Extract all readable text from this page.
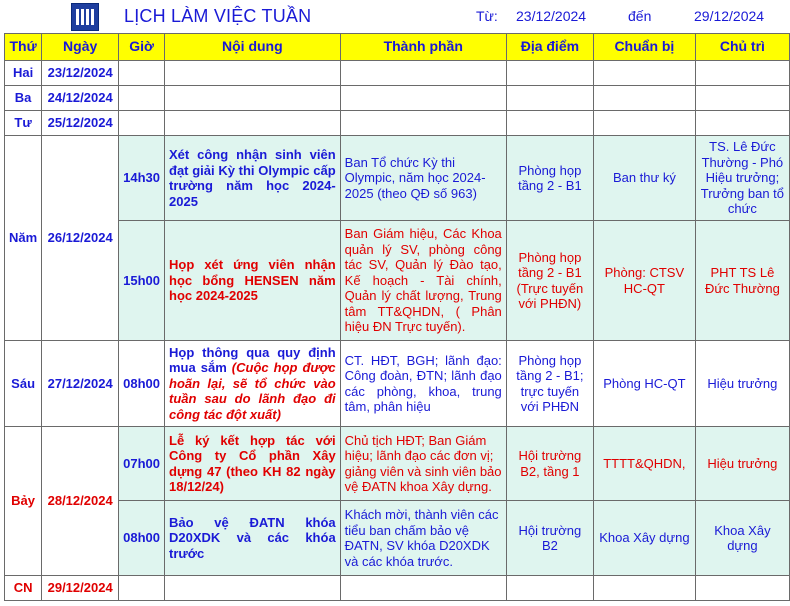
LỊCH LÀM VIỆC TUẦN	Từ: 23/12/2024	đến	29/12/2024
Thứ	Ngày	Giờ	Nội dung	Thành phần	Địa điểm	Chuẩn bị	Chủ trì
Hai	23/12/2024						
Ba	24/12/2024						
Tư	25/12/2024						
Năm	26/12/2024	14h30	Xét công nhận sinh viên đạt giải Kỳ thi Olympic cấp trường năm học 2024-2025	Ban Tổ chức Kỳ thi Olympic, năm học 2024-2025 (theo QĐ số 963)	Phòng họp tầng 2 - B1	Ban thư ký	TS. Lê Đức Thường - Phó Hiệu trưởng; Trưởng ban tổ chức
		15h00	Họp xét ứng viên nhận học bổng HENSEN năm học 2024-2025	Ban Giám hiệu, Các Khoa quản lý SV, phòng công tác SV, Quản lý Đào tạo, Kế hoạch - Tài chính, Quản lý chất lượng, Trung tâm TT&QHDN, ( Phân hiệu ĐN Trực tuyến).	Phòng họp tầng 2 - B1 (Trực tuyến với PHĐN)	Phòng: CTSV HC-QT	PHT TS Lê Đức Thường
Sáu	27/12/2024	08h00	Họp thông qua quy định mua sắm (Cuộc họp được hoãn lại, sẽ tổ chức vào tuần sau do lãnh đạo đi công tác đột xuất)	CT. HĐT, BGH; lãnh đạo: Công đoàn, ĐTN; lãnh đạo các phòng, khoa, trung tâm, phân hiệu	Phòng họp tầng 2 - B1; trực tuyến với PHĐN	Phòng HC-QT	Hiệu trưởng
Bảy	28/12/2024	07h00	Lễ ký kết hợp tác với Công ty Cổ phần Xây dựng 47 (theo KH 82 ngày 18/12/24)	Chủ tịch HĐT; Ban Giám hiệu; lãnh đạo các đơn vị; giảng viên và sinh viên bảo vệ ĐATN khoa Xây dựng.	Hội trường B2, tầng 1	TTTT&QHDN,	Hiệu trưởng
		08h00	Bảo vệ ĐATN khóa D20XDK và các khóa trước	Khách mời, thành viên các tiểu ban chấm bảo vệ ĐATN, SV khóa D20XDK và các khóa trước.	Hội trường B2	Khoa Xây dựng	Khoa Xây dựng
CN	29/12/2024						
